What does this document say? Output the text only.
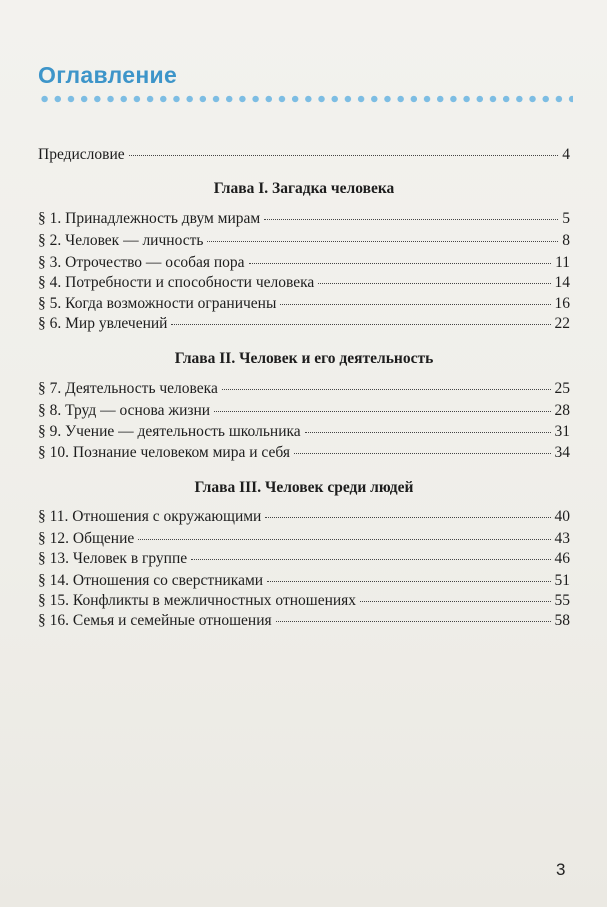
Оглавление
Предисловие	4
Глава I. Загадка человека
§ 1. Принадлежность двум мирам	5
§ 2. Человек — личность	8
§ 3. Отрочество — особая пора	11
§ 4. Потребности и способности человека	14
§ 5. Когда возможности ограничены	16
§ 6. Мир увлечений	22
Глава II. Человек и его деятельность
§ 7. Деятельность человека	25
§ 8. Труд — основа жизни	28
§ 9. Учение — деятельность школьника	31
§ 10. Познание человеком мира и себя	34
Глава III. Человек среди людей
§ 11. Отношения с окружающими	40
§ 12. Общение	43
§ 13. Человек в группе	46
§ 14. Отношения со сверстниками	51
§ 15. Конфликты в межличностных отношениях	55
§ 16. Семья и семейные отношения	58
3
